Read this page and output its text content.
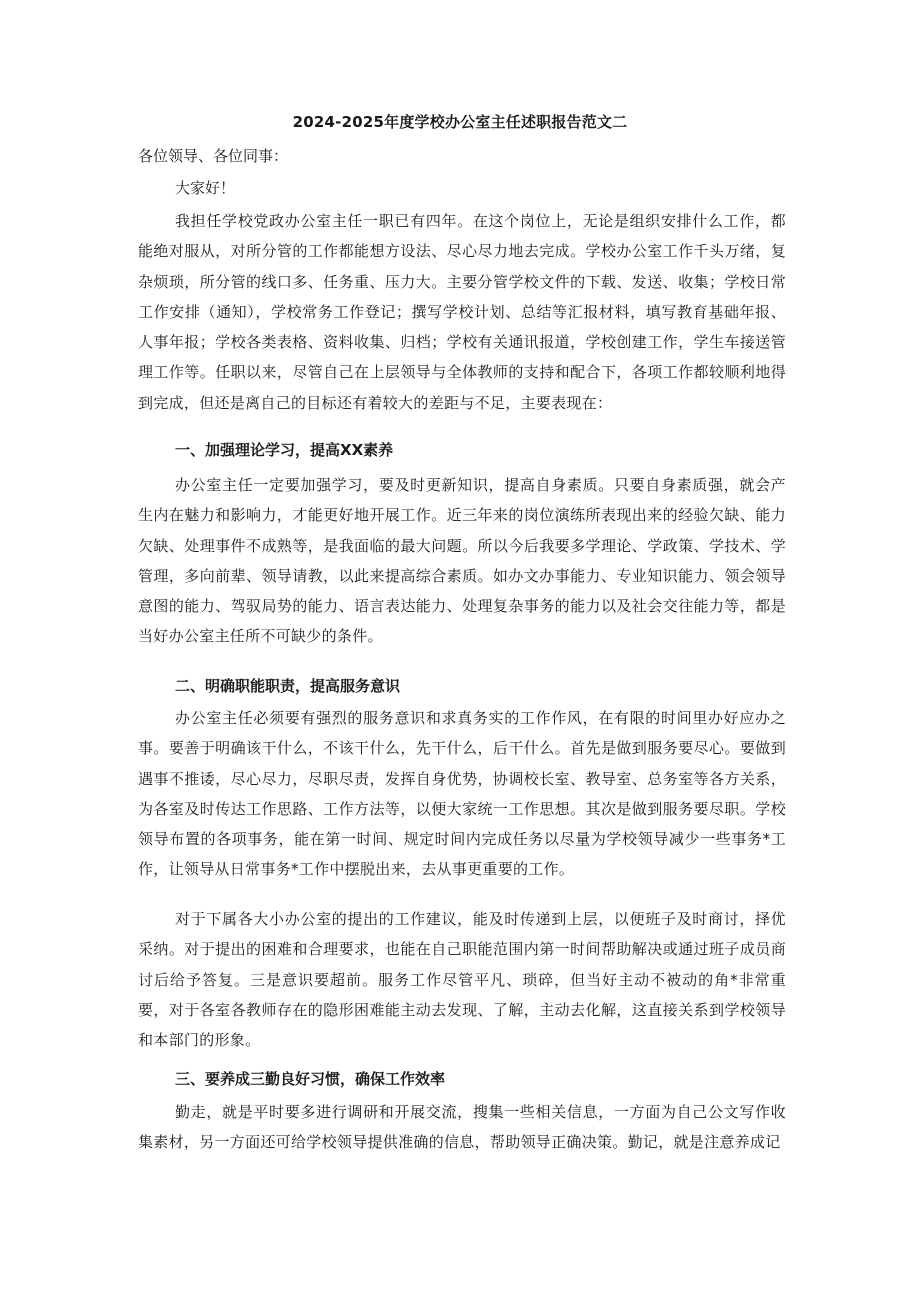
2024-2025年度学校办公室主任述职报告范文二
各位领导、各位同事：
大家好！

我担任学校党政办公室主任一职已有四年。在这个岗位上，无论是组织安排什么工作，都能绝对服从，对所分管的工作都能想方设法、尽心尽力地去完成。学校办公室工作千头万绪，复杂烦琐，所分管的线口多、任务重、压力大。主要分管学校文件的下载、发送、收集；学校日常工作安排（通知），学校常务工作登记；撰写学校计划、总结等汇报材料，填写教育基础年报、人事年报；学校各类表格、资料收集、归档；学校有关通讯报道，学校创建工作，学生车接送管理工作等。任职以来，尽管自己在上层领导与全体教师的支持和配合下，各项工作都较顺利地得到完成，但还是离自己的目标还有着较大的差距与不足，主要表现在：

一、加强理论学习，提高XX素养

办公室主任一定要加强学习，要及时更新知识，提高自身素质。只要自身素质强，就会产生内在魅力和影响力，才能更好地开展工作。近三年来的岗位演练所表现出来的经验欠缺、能力欠缺、处理事件不成熟等，是我面临的最大问题。所以今后我要多学理论、学政策、学技术、学管理，多向前辈、领导请教，以此来提高综合素质。如办文办事能力、专业知识能力、领会领导意图的能力、驾驭局势的能力、语言表达能力、处理复杂事务的能力以及社会交往能力等，都是当好办公室主任所不可缺少的条件。

二、明确职能职责，提高服务意识

办公室主任必须要有强烈的服务意识和求真务实的工作作风，在有限的时间里办好应办之事。要善于明确该干什么，不该干什么，先干什么，后干什么。首先是做到服务要尽心。要做到遇事不推诿，尽心尽力，尽职尽责，发挥自身优势，协调校长室、教导室、总务室等各方关系，为各室及时传达工作思路、工作方法等，以便大家统一工作思想。其次是做到服务要尽职。学校领导布置的各项事务，能在第一时间、规定时间内完成任务以尽量为学校领导减少一些事务*工作，让领导从日常事务*工作中摆脱出来，去从事更重要的工作。

对于下属各大小办公室的提出的工作建议，能及时传递到上层，以便班子及时商讨，择优采纳。对于提出的困难和合理要求，也能在自己职能范围内第一时间帮助解决或通过班子成员商讨后给予答复。三是意识要超前。服务工作尽管平凡、琐碎，但当好主动不被动的角*非常重要，对于各室各教师存在的隐形困难能主动去发现、了解，主动去化解，这直接关系到学校领导和本部门的形象。

三、要养成三勤良好习惯，确保工作效率

勤走，就是平时要多进行调研和开展交流，搜集一些相关信息，一方面为自己公文写作收集素材，另一方面还可给学校领导提供准确的信息，帮助领导正确决策。勤记，就是注意养成记
